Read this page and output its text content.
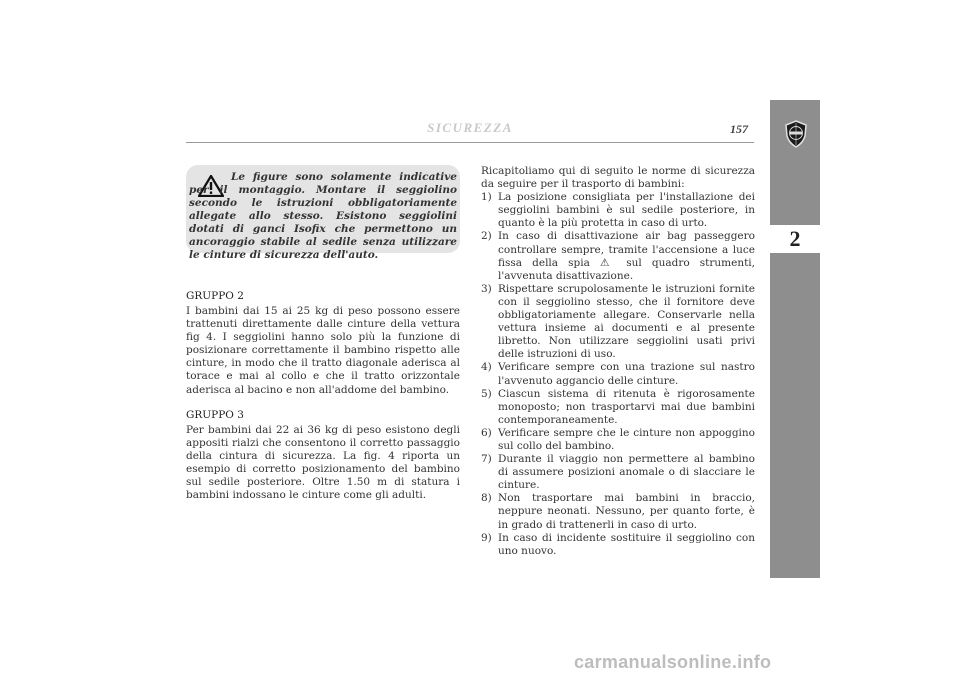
SICUREZZA	157
2
Le figure sono solamente indicative per il montaggio. Montare il seggiolino secondo le istruzioni obbligatoriamente allegate allo stesso. Esistono seggiolini dotati di ganci Isofix che permettono un ancoraggio stabile al sedile senza utilizzare le cinture di sicurezza dell'auto.
GRUPPO 2
I bambini dai 15 ai 25 kg di peso possono essere trattenuti direttamente dalle cinture della vettura fig 4. I seggiolini hanno solo più la funzione di posizionare correttamente il bambino rispetto alle cinture, in modo che il tratto diagonale aderisca al torace e mai al collo e che il tratto orizzontale aderisca al bacino e non all'addome del bambino.
GRUPPO 3
Per bambini dai 22 ai 36 kg di peso esistono degli appositi rialzi che consentono il corretto passaggio della cintura di sicurezza. La fig. 4 riporta un esempio di corretto posizionamento del bambino sul sedile posteriore. Oltre 1.50 m di statura i bambini indossano le cinture come gli adulti.
Ricapitoliamo qui di seguito le norme di sicurezza da seguire per il trasporto di bambini:
1) La posizione consigliata per l'installazione dei seggiolini bambini è sul sedile posteriore, in quanto è la più protetta in caso di urto.
2) In caso di disattivazione air bag passeggero controllare sempre, tramite l'accensione a luce fissa della spia ⚠ sul quadro strumenti, l'avvenuta disattivazione.
3) Rispettare scrupolosamente le istruzioni fornite con il seggiolino stesso, che il fornitore deve obbligatoriamente allegare. Conservarle nella vettura insieme ai documenti e al presente libretto. Non utilizzare seggiolini usati privi delle istruzioni di uso.
4) Verificare sempre con una trazione sul nastro l'avvenuto aggancio delle cinture.
5) Ciascun sistema di ritenuta è rigorosamente monoposto; non trasportarvi mai due bambini contemporaneamente.
6) Verificare sempre che le cinture non appoggino sul collo del bambino.
7) Durante il viaggio non permettere al bambino di assumere posizioni anomale o di slacciare le cinture.
8) Non trasportare mai bambini in braccio, neppure neonati. Nessuno, per quanto forte, è in grado di trattenerli in caso di urto.
9) In caso di incidente sostituire il seggiolino con uno nuovo.
carmanualsonline.info
